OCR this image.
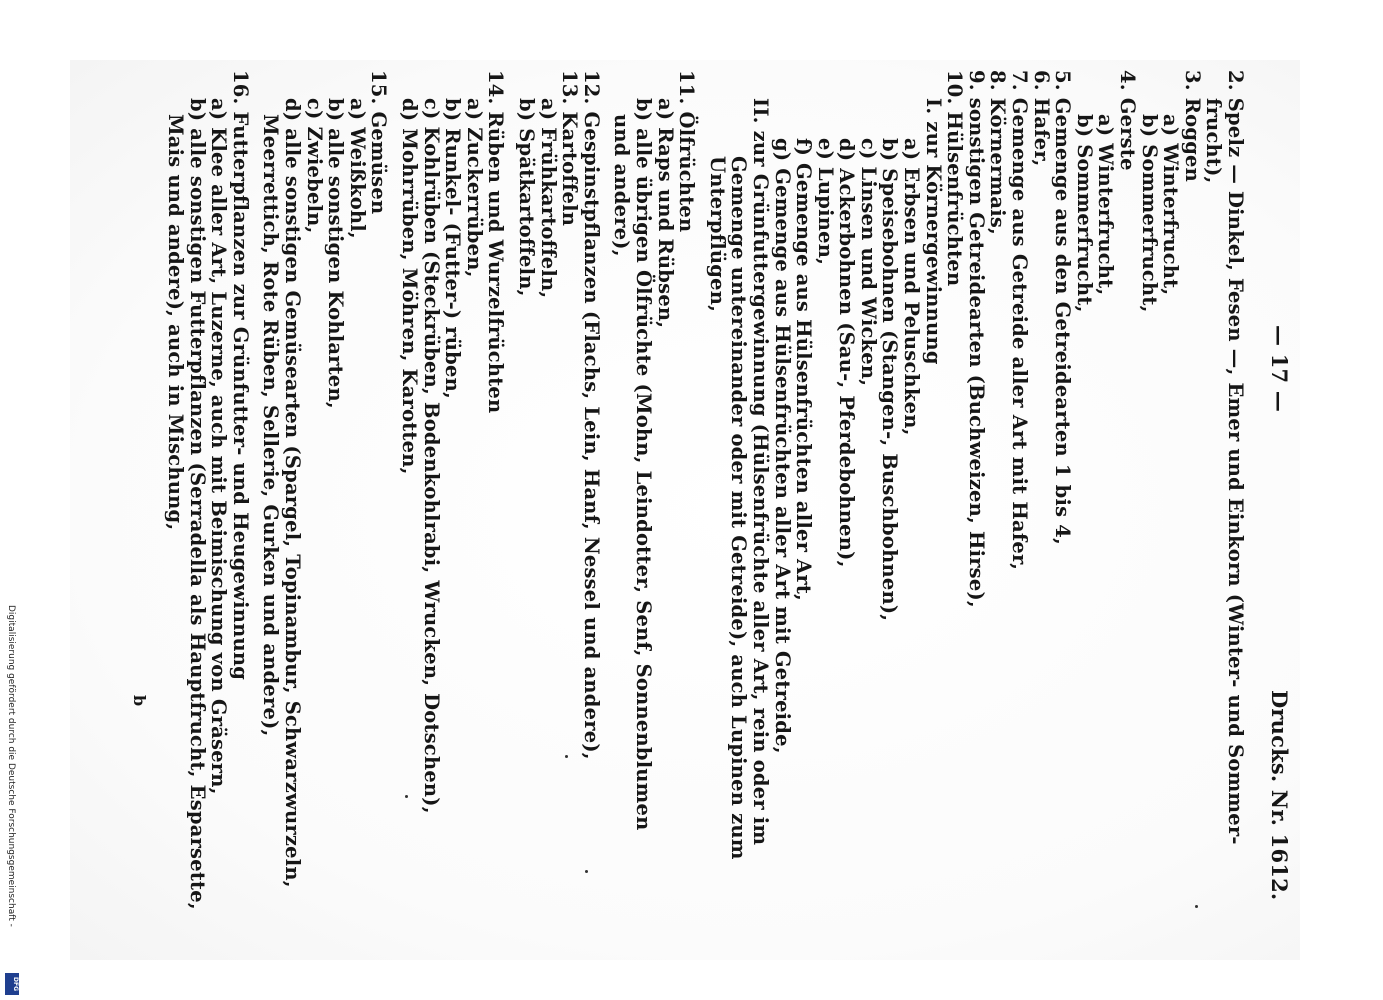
— 17 —
Drucks. Nr. 1612.
2. Spelz — Dinkel, Fesen —, Emer und Einkorn (Winter- und Sommer-
frucht),
3. Roggen
a) Winterfrucht,
b) Sommerfrucht,
4. Gerste
a) Winterfrucht,
b) Sommerfrucht,
5. Gemenge aus den Getreidearten 1 bis 4,
6. Hafer,
7. Gemenge aus Getreide aller Art mit Hafer,
8. Körnermais,
9. sonstigen Getreidearten (Buchweizen, Hirse),
10. Hülsenfrüchten
I. zur Körnergewinnung
a) Erbsen und Peluschken,
b) Speisebohnen (Stangen-, Buschbohnen),
c) Linsen und Wicken,
d) Ackerbohnen (Sau-, Pferdebohnen),
e) Lupinen,
f) Gemenge aus Hülsenfrüchten aller Art,
g) Gemenge aus Hülsenfrüchten aller Art mit Getreide,
II. zur Grünfuttergewinnung (Hülsenfrüchte aller Art, rein oder im
Gemenge untereinander oder mit Getreide), auch Lupinen zum
Unterpflügen,
11. Ölfrüchten
a) Raps und Rübsen,
b) alle übrigen Ölfrüchte (Mohn, Leindotter, Senf, Sonnenblumen
und andere),
12. Gespinstpflanzen (Flachs, Lein, Hanf, Nessel und andere),
13. Kartoffeln
a) Frühkartoffeln,
b) Spätkartoffeln,
14. Rüben und Wurzelfrüchten
a) Zuckerrüben,
b) Runkel- (Futter-) rüben,
c) Kohlrüben (Steckrüben, Bodenkohlrabi, Wrucken, Dotschen),
d) Mohrrüben, Möhren, Karotten,
15. Gemüsen
a) Weißkohl,
b) alle sonstigen Kohlarten,
c) Zwiebeln,
d) alle sonstigen Gemüsearten (Spargel, Topinambur, Schwarzwurzeln,
Meerrettich, Rote Rüben, Sellerie, Gurken und andere),
16. Futterpflanzen zur Grünfutter- und Heugewinnung
a) Klee aller Art, Luzerne, auch mit Beimischung von Gräsern,
b) alle sonstigen Futterpflanzen (Serradella als Hauptfrucht, Esparsette,
Mais und andere), auch in Mischung,
b
Digitalisierung gefördert durch die Deutsche Forschungsgemeinschaft -
DFG
